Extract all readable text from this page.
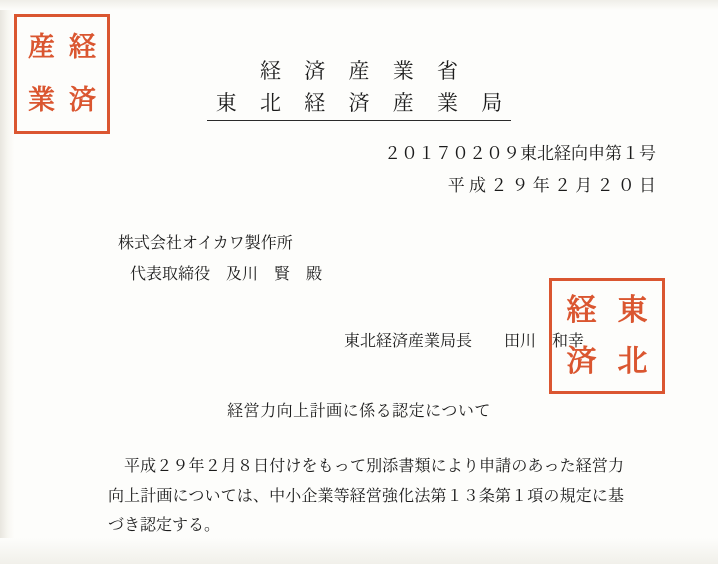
経
済
産
業
経 済 産 業 省
東 北 経 済 産 業 局
２０１７０２０９東北経向申第１号
平 成 ２ ９ 年 ２ 月 ２ ０ 日
株式会社オイカワ製作所
代表取締役　及川　賢　殿
東北経済産業局長　　田川　和幸
東
北
経
済
経営力向上計画に係る認定について

平成２９年２月８日付けをもって別添書類により申請のあった経営力向上計画については、中小企業等経営強化法第１３条第１項の規定に基づき認定する。
